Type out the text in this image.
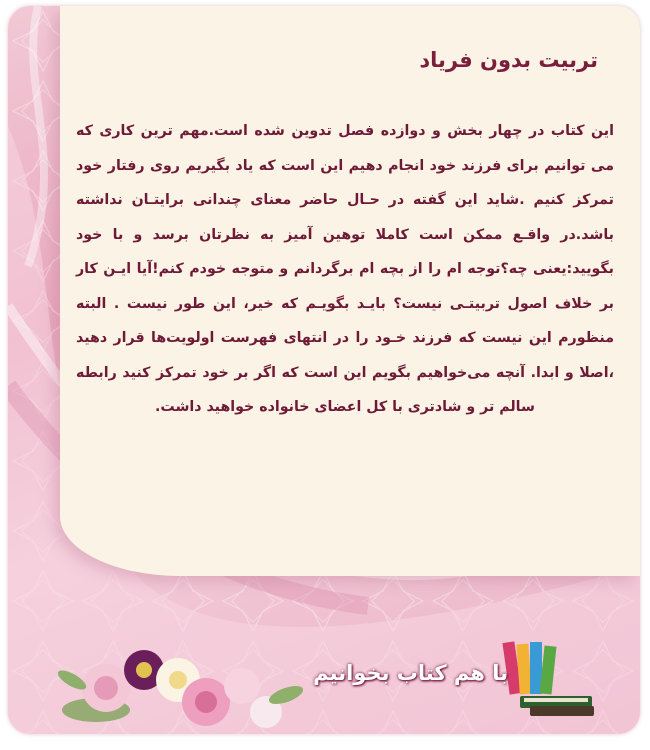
تربیت بدون فریاد

این کتاب در چهار بخش و دوازده فصل تدوین شده است.مهم ترین کاری که می توانیم برای فرزند خود انجام دهیم این است که یاد بگیریم روی رفتار خود تمرکز کنیم .شاید این گفته در حـال حاضر معنای چندانی برایتـان نداشته باشد.در واقـع ممکن است کاملا توهین آمیز به نظرتان برسد و با خود بگویید:یعنی چه؟توجه ام را از بچه ام برگردانم و متوجه خودم کنم!آیا ایـن کار بر خلاف اصول تربیتـی نیست؟ بایـد بگویـم که خیر، این طور نیست . البته منظورم این نیست که فرزند خـود را در انتهای فهرست اولویت‌ها قرار دهید ،اصلا و ابدا. آنچه می‌خواهیم بگویم این است که اگر بر خود تمرکز کنید رابطه سالم تر و شادتری با کل اعضای خانواده خواهید داشت.

با هم کتاب بخوانیم
